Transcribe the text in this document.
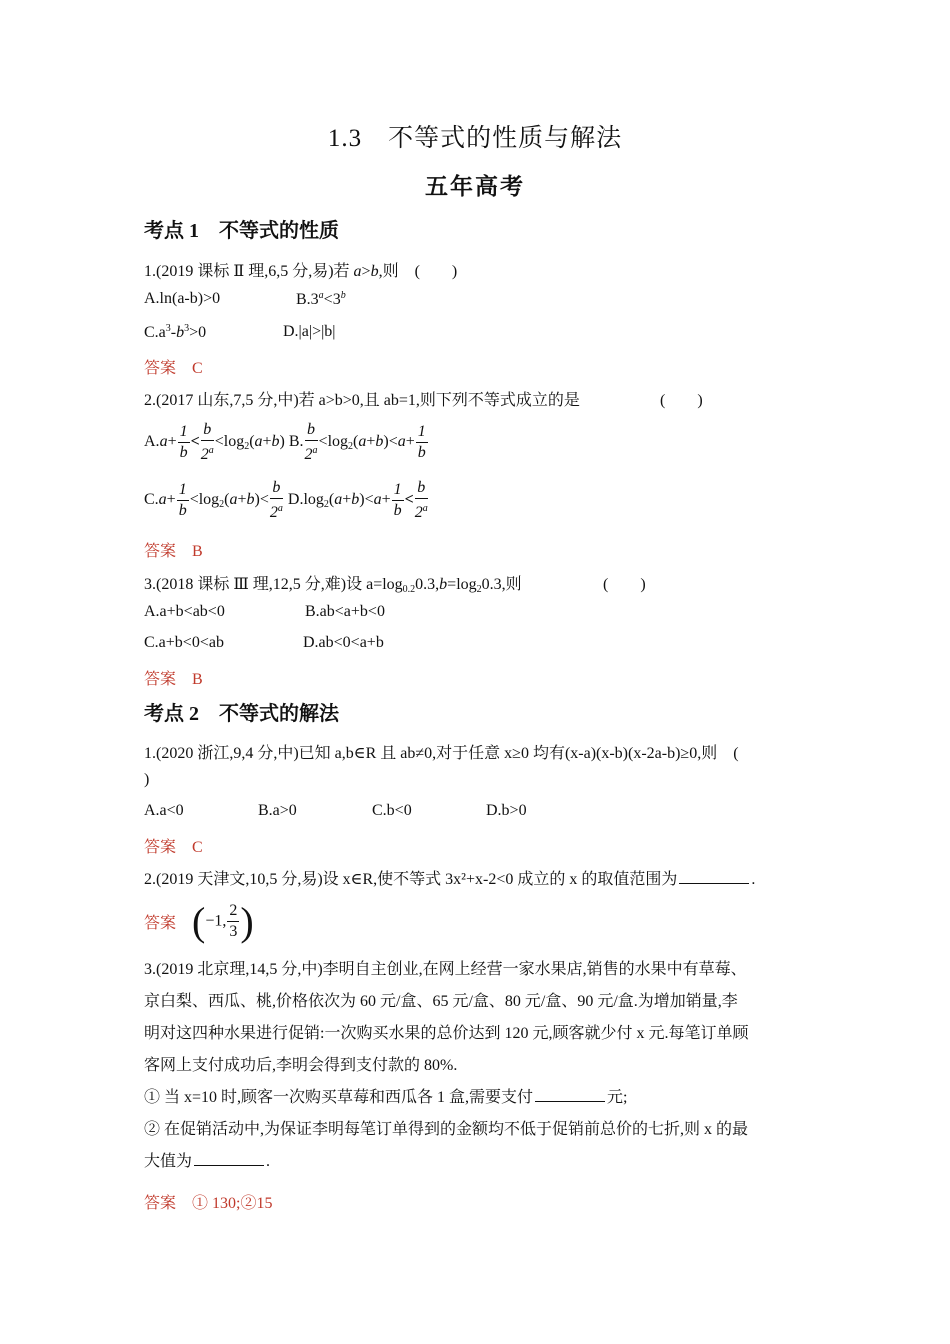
1.3　不等式的性质与解法
五年高考
考点 1　不等式的性质
1.(2019 课标 Ⅱ 理,6,5 分,易)若 a>b,则　(　　)
A.ln(a-b)>0	$B.3^a<3^b$
$C.a^3-b^3>0$	D.|a|>|b|
答案　 C
2.(2017 山东,7,5 分,中)若 a>b>0,且 ab=1,则下列不等式成立的是	(　　)
$A.a+ \frac{1}{b} < \frac{b}{2^a} <\log_2(a+b)$ B. $\frac{b}{2^a} <\log_2(a+b)<a+ \frac{1}{b}$
$C.a+ \frac{1}{b} <\log_2(a+b)< \frac{b}{2^a} D.\log_2(a+b)<a+ \frac{1}{b} < \frac{b}{2^a}$
答案　 B
3.(2018 课标 Ⅲ 理,12,5 分,难)设 $a=\log_{0.2}0.3,b=\log_20.3$,则	(　　)
A.a+b<ab<0	B.ab<a+b<0
C.a+b<0<ab	D.ab<0<a+b
答案　 B
考点 2　不等式的解法
1.(2020 浙江,9,4 分,中)已知 a,b∈R 且 ab≠0,对于任意 x≥0 均有(x-a)(x-b)(x-2a-b)≥0,则　(
)
A.a<0	B.a>0	C.b<0	D.b>0
答案　 C
2.(2019 天津文,10,5 分,易)设 x∈R,使不等式 3x²+x-2<0 成立的 x 的取值范围为	.
答案　 (−1, $\frac{2}{3}$ )
3.(2019 北京理,14,5 分,中)李明自主创业,在网上经营一家水果店,销售的水果中有草莓、
京白梨、西瓜、桃,价格依次为 60 元/盒、65 元/盒、80 元/盒、90 元/盒.为增加销量,李
明对这四种水果进行促销:一次购买水果的总价达到 120 元,顾客就少付 x 元.每笔订单顾
客网上支付成功后,李明会得到支付款的 80%.
① 当 x=10 时,顾客一次购买草莓和西瓜各 1 盒,需要支付	元;
② 在促销活动中,为保证李明每笔订单得到的金额均不低于促销前总价的七折,则 x 的最
大值为	.
答案　 ① 130;②15
